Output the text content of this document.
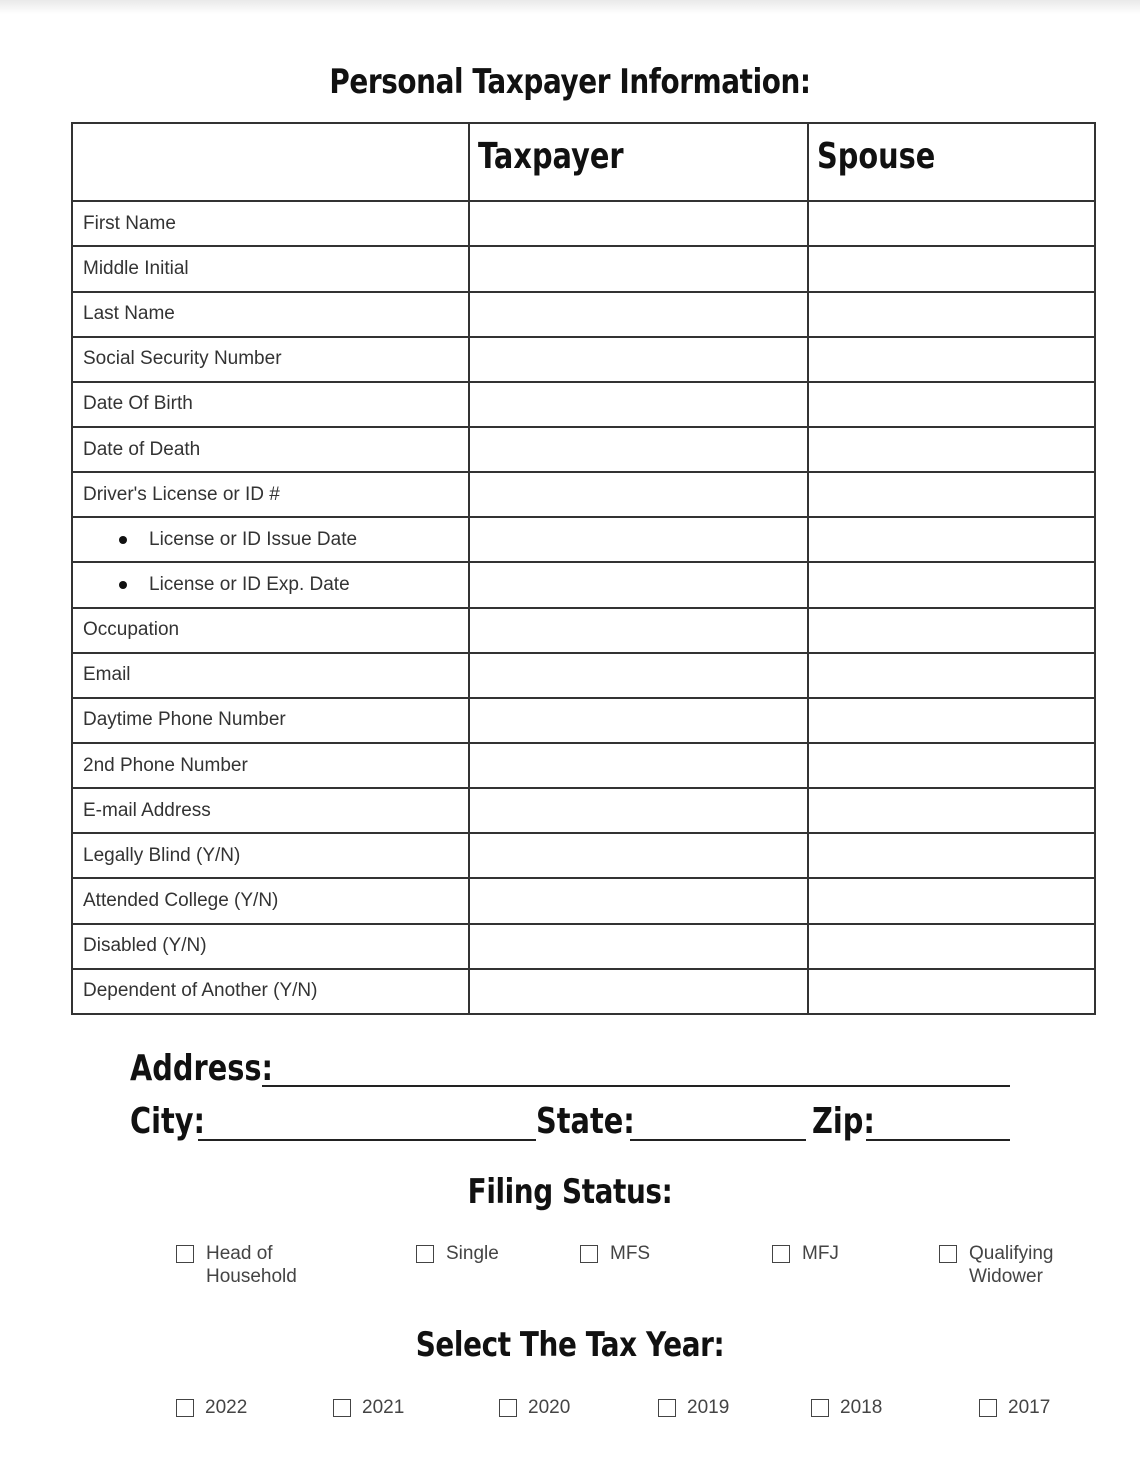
Personal Taxpayer Information:
	Taxpayer	Spouse
First Name		
Middle Initial		
Last Name		
Social Security Number		
Date Of Birth		
Date of Death		
Driver's License or ID #		
License or ID Issue Date		
License or ID Exp. Date		
Occupation		
Email		
Daytime Phone Number		
2nd Phone Number		
E-mail Address		
Legally Blind (Y/N)		
Attended College (Y/N)		
Disabled (Y/N)		
Dependent of Another (Y/N)		
Address:
City:	State:	Zip:
Filing Status:
Head of
Household
Single	MFS	MFJ	Qualifying
Widower
Select The Tax Year:
2022	2021	2020	2019	2018	2017
